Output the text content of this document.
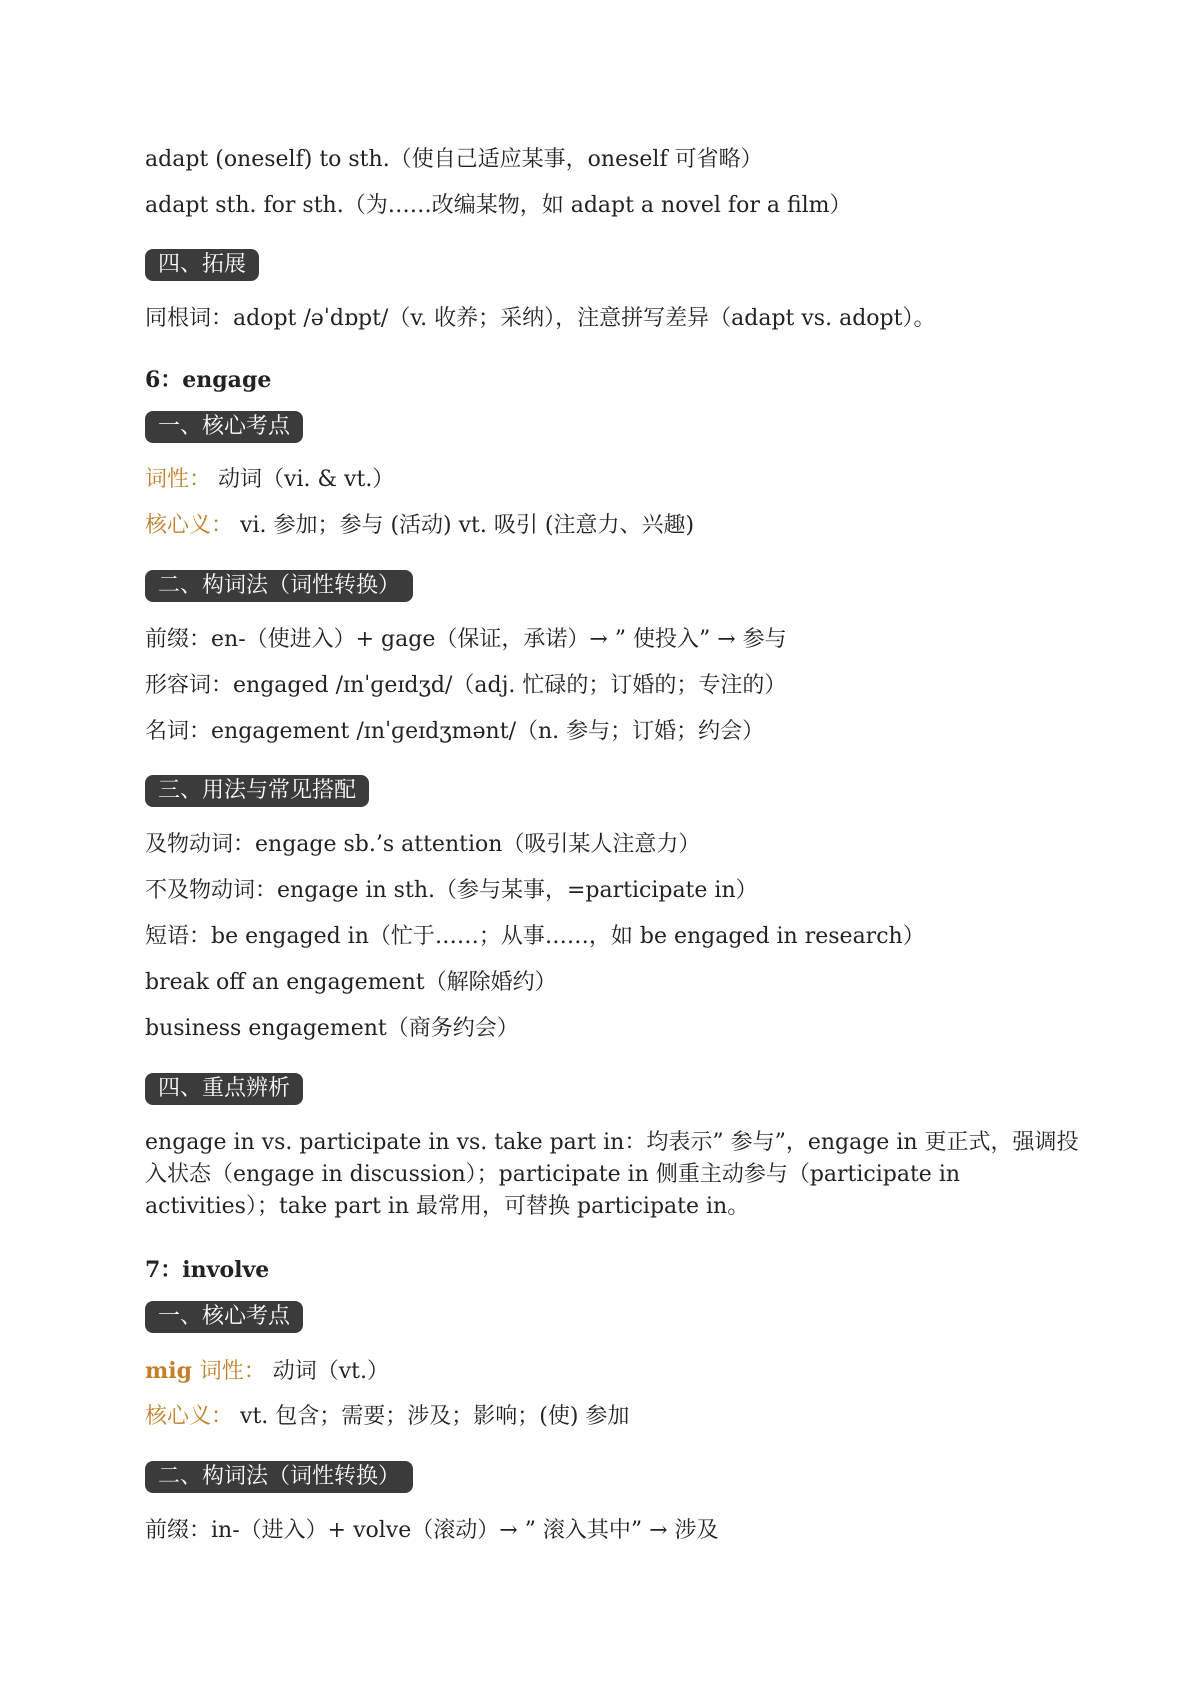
adapt (oneself) to sth.（使自己适应某事，oneself 可省略）

adapt sth. for sth.（为……改编某物，如 adapt a novel for a film）

四、拓展

同根词：adopt /əˈdɒpt/（v. 收养；采纳），注意拼写差异（adapt vs. adopt）。

6：engage
一、核心考点

词性： 动词（vi. & vt.）

核心义： vi. 参加；参与 (活动) vt. 吸引 (注意力、兴趣)

二、构词法（词性转换）

前缀：en-（使进入）+ gage（保证，承诺）→ ” 使投入” → 参与

形容词：engaged /ɪnˈɡeɪdʒd/（adj. 忙碌的；订婚的；专注的）

名词：engagement /ɪnˈɡeɪdʒmənt/（n. 参与；订婚；约会）

三、用法与常见搭配

及物动词：engage sb.’s attention（吸引某人注意力）

不及物动词：engage in sth.（参与某事，=participate in）

短语：be engaged in（忙于……；从事……，如 be engaged in research）

break off an engagement（解除婚约）

business engagement（商务约会）

四、重点辨析

engage in vs. participate in vs. take part in：均表示” 参与”，engage in 更正式，强调投入状态（engage in discussion）；participate in 侧重主动参与（participate in activities）；take part in 最常用，可替换 participate in。

7：involve
一、核心考点

mig 词性： 动词（vt.）

核心义： vt. 包含；需要；涉及；影响；(使) 参加

二、构词法（词性转换）

前缀：in-（进入）+ volve（滚动）→ ” 滚入其中” → 涉及
